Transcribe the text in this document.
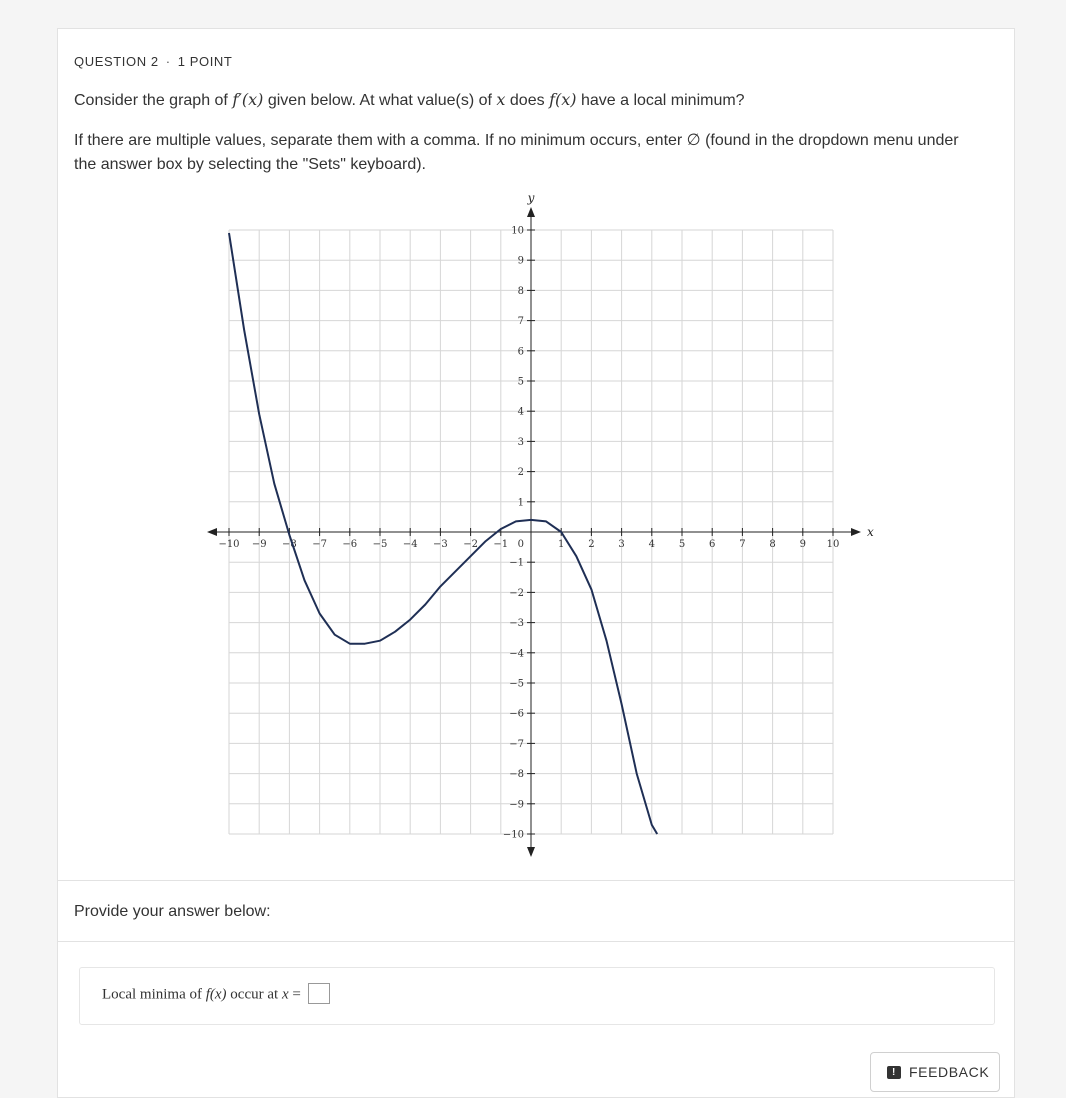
QUESTION 2 · 1 POINT
Consider the graph of f′(x) given below. At what value(s) of x does f(x) have a local minimum?
If there are multiple values, separate them with a comma. If no minimum occurs, enter ∅ (found in the dropdown menu under the answer box by selecting the "Sets" keyboard).
x
y
−10 −9 −8 −7 −6 −5 −4 −3 −2 −1	1 2 3 4 5 6 7 8 9 10
−10
−9
−8
−7
−6
−5
−4
−3
−2
−1
1
2
3
4
5
6
7
8
9
10
0
Provide your answer below:
Local minima of f(x) occur at x =
! FEEDBACK
